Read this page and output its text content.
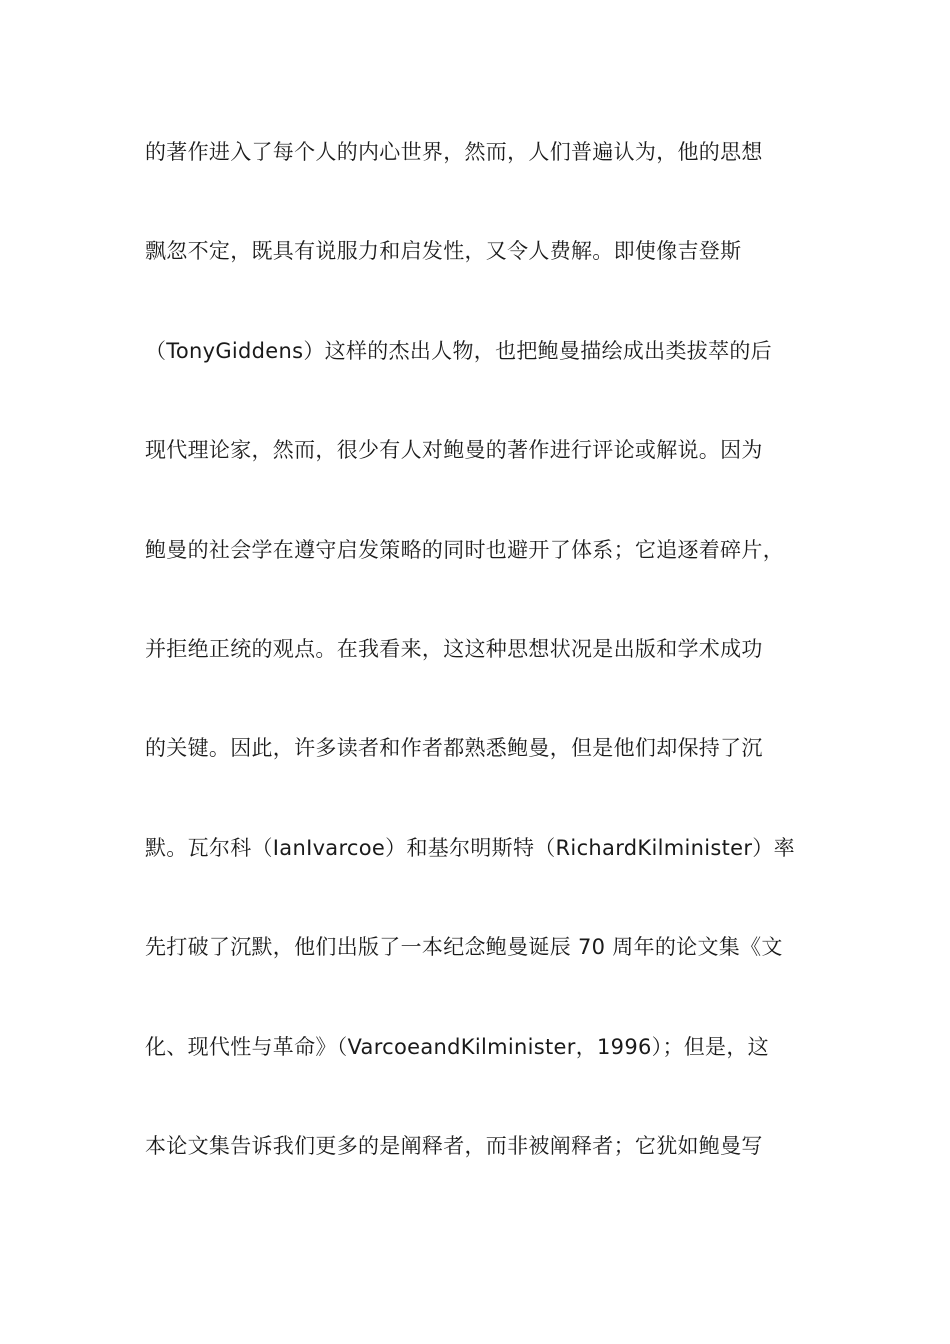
的著作进入了每个人的内心世界，然而，人们普遍认为，他的思想
飘忽不定，既具有说服力和启发性，又令人费解。即使像吉登斯
（TonyGiddens）这样的杰出人物，也把鲍曼描绘成出类拔萃的后
现代理论家，然而，很少有人对鲍曼的著作进行评论或解说。因为
鲍曼的社会学在遵守启发策略的同时也避开了体系；它追逐着碎片，
并拒绝正统的观点。在我看来，这这种思想状况是出版和学术成功
的关键。因此，许多读者和作者都熟悉鲍曼，但是他们却保持了沉
默。瓦尔科（IanIvarcoe）和基尔明斯特（RichardKilminister）率
先打破了沉默，他们出版了一本纪念鲍曼诞辰 70 周年的论文集《文
化、现代性与革命》（VarcoeandKilminister，1996）；但是，这
本论文集告诉我们更多的是阐释者，而非被阐释者；它犹如鲍曼写
